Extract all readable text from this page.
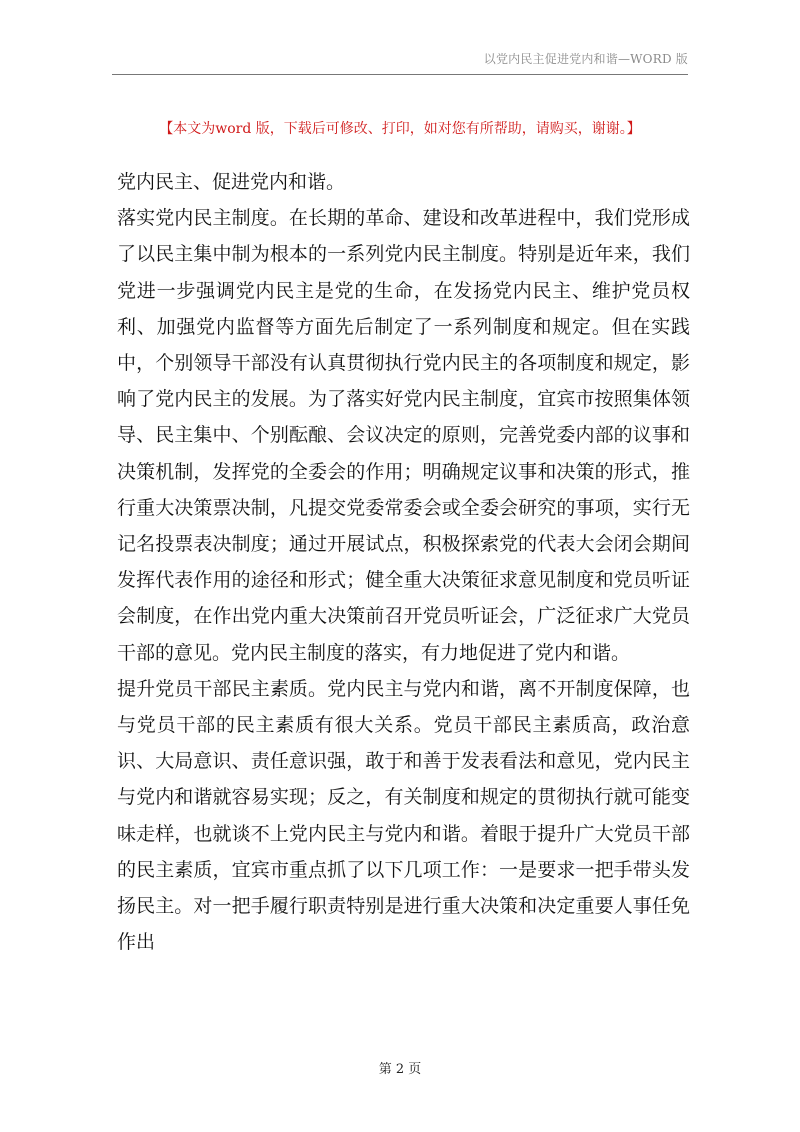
以党内民主促进党内和谐—WORD 版
【本文为word 版，下载后可修改、打印，如对您有所帮助，请购买，谢谢。】

党内民主、促进党内和谐。

落实党内民主制度。在长期的革命、建设和改革进程中，我们党形成了以民主集中制为根本的一系列党内民主制度。特别是近年来，我们党进一步强调党内民主是党的生命，在发扬党内民主、维护党员权利、加强党内监督等方面先后制定了一系列制度和规定。但在实践中，个别领导干部没有认真贯彻执行党内民主的各项制度和规定，影响了党内民主的发展。为了落实好党内民主制度，宜宾市按照集体领导、民主集中、个别酝酿、会议决定的原则，完善党委内部的议事和决策机制，发挥党的全委会的作用；明确规定议事和决策的形式，推行重大决策票决制，凡提交党委常委会或全委会研究的事项，实行无记名投票表决制度；通过开展试点，积极探索党的代表大会闭会期间发挥代表作用的途径和形式；健全重大决策征求意见制度和党员听证会制度，在作出党内重大决策前召开党员听证会，广泛征求广大党员干部的意见。党内民主制度的落实，有力地促进了党内和谐。

提升党员干部民主素质。党内民主与党内和谐，离不开制度保障，也与党员干部的民主素质有很大关系。党员干部民主素质高，政治意识、大局意识、责任意识强，敢于和善于发表看法和意见，党内民主与党内和谐就容易实现；反之，有关制度和规定的贯彻执行就可能变味走样，也就谈不上党内民主与党内和谐。着眼于提升广大党员干部的民主素质，宜宾市重点抓了以下几项工作：一是要求一把手带头发扬民主。对一把手履行职责特别是进行重大决策和决定重要人事任免作出

第 2 页
